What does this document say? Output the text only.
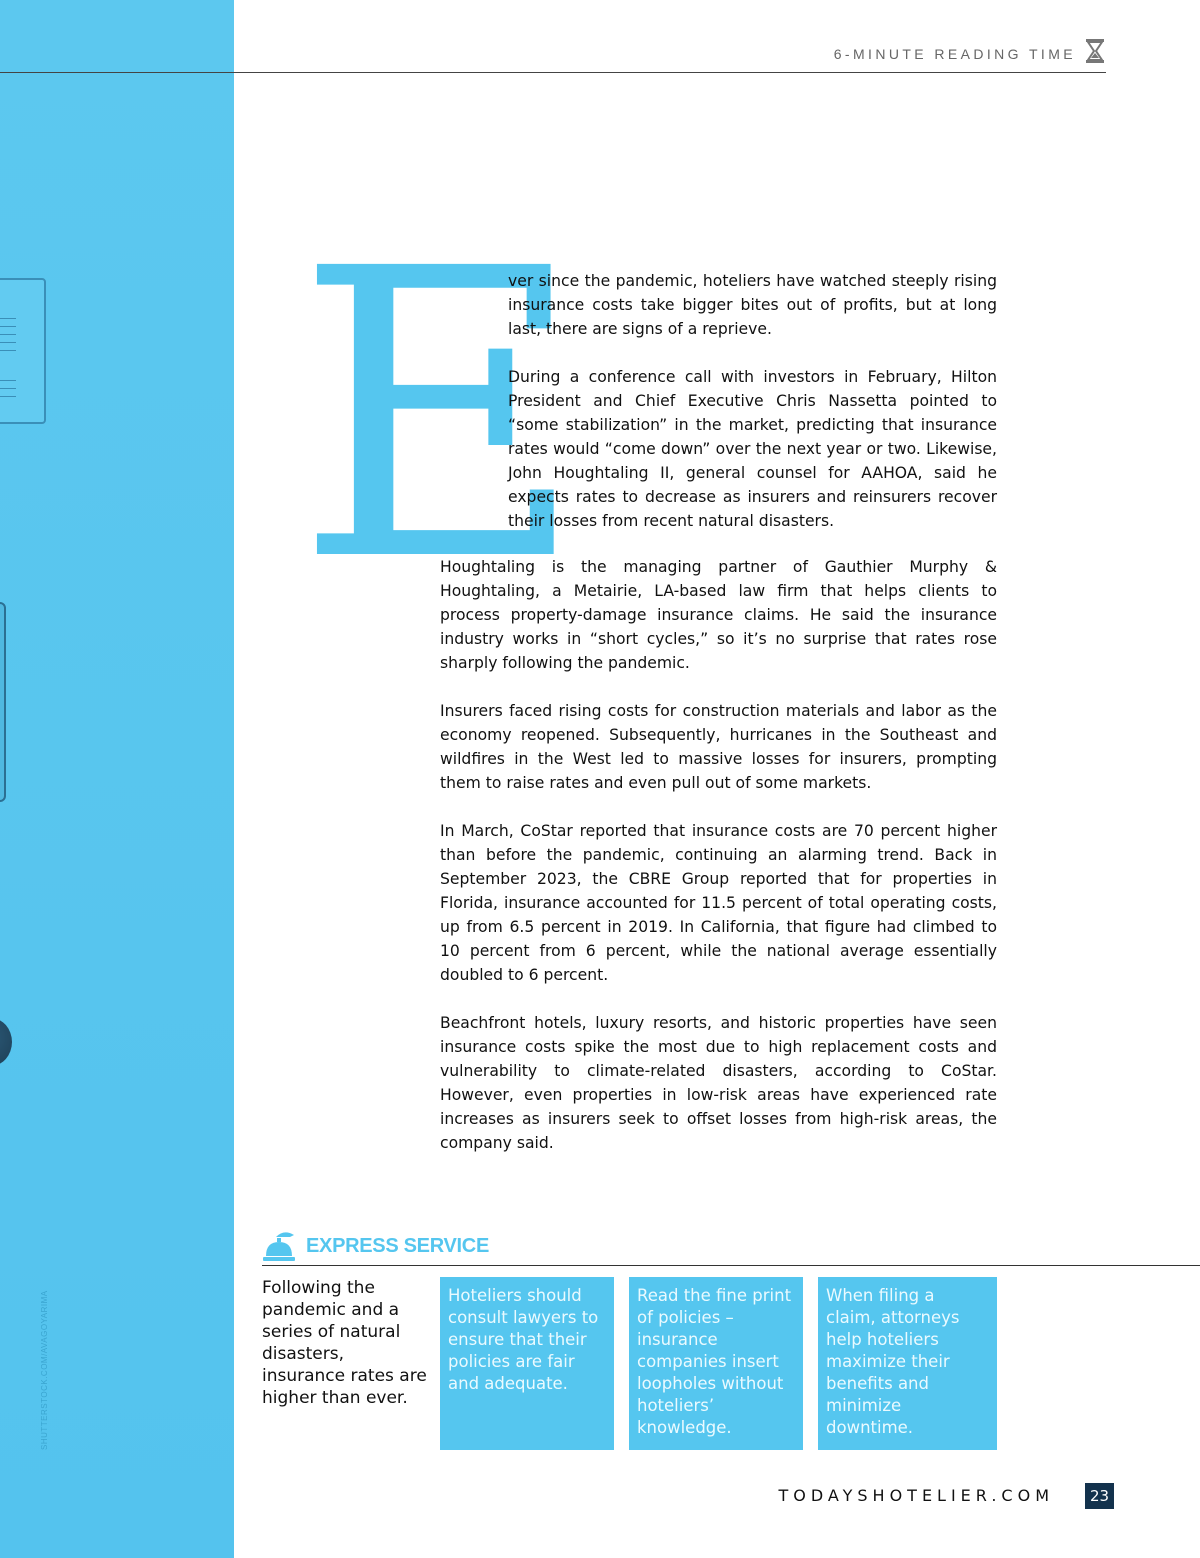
SHUTTERSTOCK.COM/AVAGOYARIMA
6-MINUTE READING TIME
E

ver since the pandemic, hoteliers have watched steeply rising insurance costs take bigger bites out of profits, but at long last, there are signs of a reprieve.

During a conference call with investors in February, Hilton President and Chief Executive Chris Nassetta pointed to “some stabilization” in the market, predicting that insurance rates would “come down” over the next year or two. Likewise, John Houghtaling II, general counsel for AAHOA, said he expects rates to decrease as insurers and reinsurers recover their losses from recent natural disasters.

Houghtaling is the managing partner of Gauthier Murphy & Houghtaling, a Metairie, LA-based law firm that helps clients to process property-damage insurance claims. He said the insurance industry works in “short cycles,” so it’s no surprise that rates rose sharply following the pandemic.

Insurers faced rising costs for construction materials and labor as the economy reopened. Subsequently, hurricanes in the Southeast and wildfires in the West led to massive losses for insurers, prompting them to raise rates and even pull out of some markets.

In March, CoStar reported that insurance costs are 70 percent higher than before the pandemic, continuing an alarming trend. Back in September 2023, the CBRE Group reported that for properties in Florida, insurance accounted for 11.5 percent of total operating costs, up from 6.5 percent in 2019. In California, that figure had climbed to 10 percent from 6 percent, while the national average essentially doubled to 6 percent.

Beachfront hotels, luxury resorts, and historic properties have seen insurance costs spike the most due to high replacement costs and vulnerability to climate-related disasters, according to CoStar. However, even properties in low-risk areas have experienced rate increases as insurers seek to offset losses from high-risk areas, the company said.

EXPRESS SERVICE
Following the pandemic and a series of natural disasters, insurance rates are higher than ever.
Hoteliers should consult lawyers to ensure that their policies are fair and adequate.
Read the fine print of policies – insurance companies insert loopholes without hoteliers’ knowledge.
When filing a claim, attorneys help hoteliers maximize their benefits and minimize downtime.
TODAYSHOTELIER.COM	23
